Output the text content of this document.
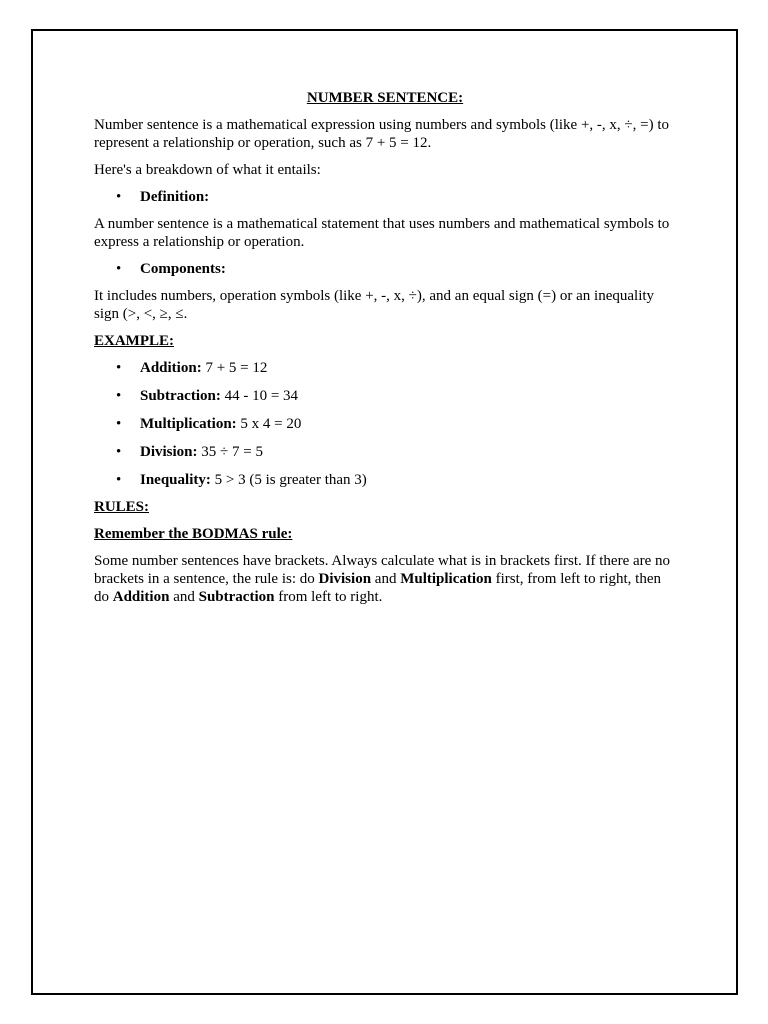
NUMBER SENTENCE:

Number sentence is a mathematical expression using numbers and symbols (like +, -, x, ÷, =) to represent a relationship or operation, such as 7 + 5 = 12.

Here's a breakdown of what it entails:

• Definition:

A number sentence is a mathematical statement that uses numbers and mathematical symbols to express a relationship or operation.

• Components:

It includes numbers, operation symbols (like +, -, x, ÷), and an equal sign (=) or an inequality sign (>, <, ≥, ≤.

EXAMPLE:

• Addition: 7 + 5 = 12
• Subtraction: 44 - 10 = 34
• Multiplication: 5 x 4 = 20
• Division: 35 ÷ 7 = 5
• Inequality: 5 > 3 (5 is greater than 3)

RULES:

Remember the BODMAS rule:

Some number sentences have brackets. Always calculate what is in brackets first. If there are no brackets in a sentence, the rule is: do Division and Multiplication first, from left to right, then do Addition and Subtraction from left to right.
